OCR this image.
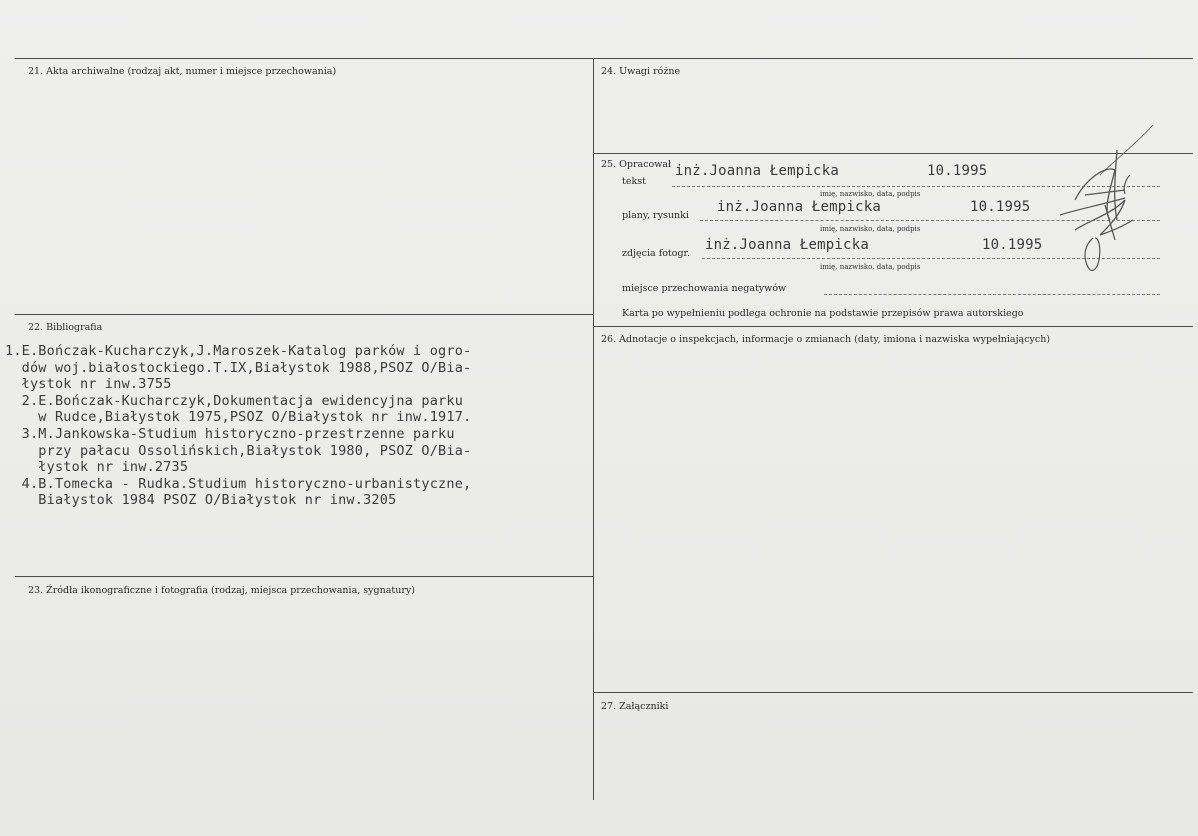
21. Akta archiwalne (rodzaj akt, numer i miejsce przechowania)
22. Bibliografia
1.E.Bończak-Kucharczyk,J.Maroszek-Katalog parków i ogro-
dów woj.białostockiego.T.IX,Białystok 1988,PSOZ O/Bia-
łystok nr inw.3755
2.E.Bończak-Kucharczyk,Dokumentacja ewidencyjna parku
w Rudce,Białystok 1975,PSOZ O/Białystok nr inw.1917.
3.M.Jankowska-Studium historyczno-przestrzenne parku
przy pałacu Ossolińskich,Białystok 1980, PSOZ O/Bia-
łystok nr inw.2735
4.B.Tomecka - Rudka.Studium historyczno-urbanistyczne,
Białystok 1984 PSOZ O/Białystok nr inw.3205
23. Źródła ikonograficzne i fotografia (rodzaj, miejsca przechowania, sygnatury)
24. Uwagi różne
25. Opracował
tekst
inż.Joanna Łempicka	10.1995
imię, nazwisko, data, podpis
plany, rysunki
inż.Joanna Łempicka	10.1995
imię, nazwisko, data, podpis
zdjęcia fotogr.
inż.Joanna Łempicka	10.1995
imię, nazwisko, data, podpis
miejsce przechowania negatywów
Karta po wypełnieniu podlega ochronie na podstawie przepisów prawa autorskiego
26. Adnotacje o inspekcjach, informacje o zmianach (daty, imiona i nazwiska wypełniających)
27. Załączniki
